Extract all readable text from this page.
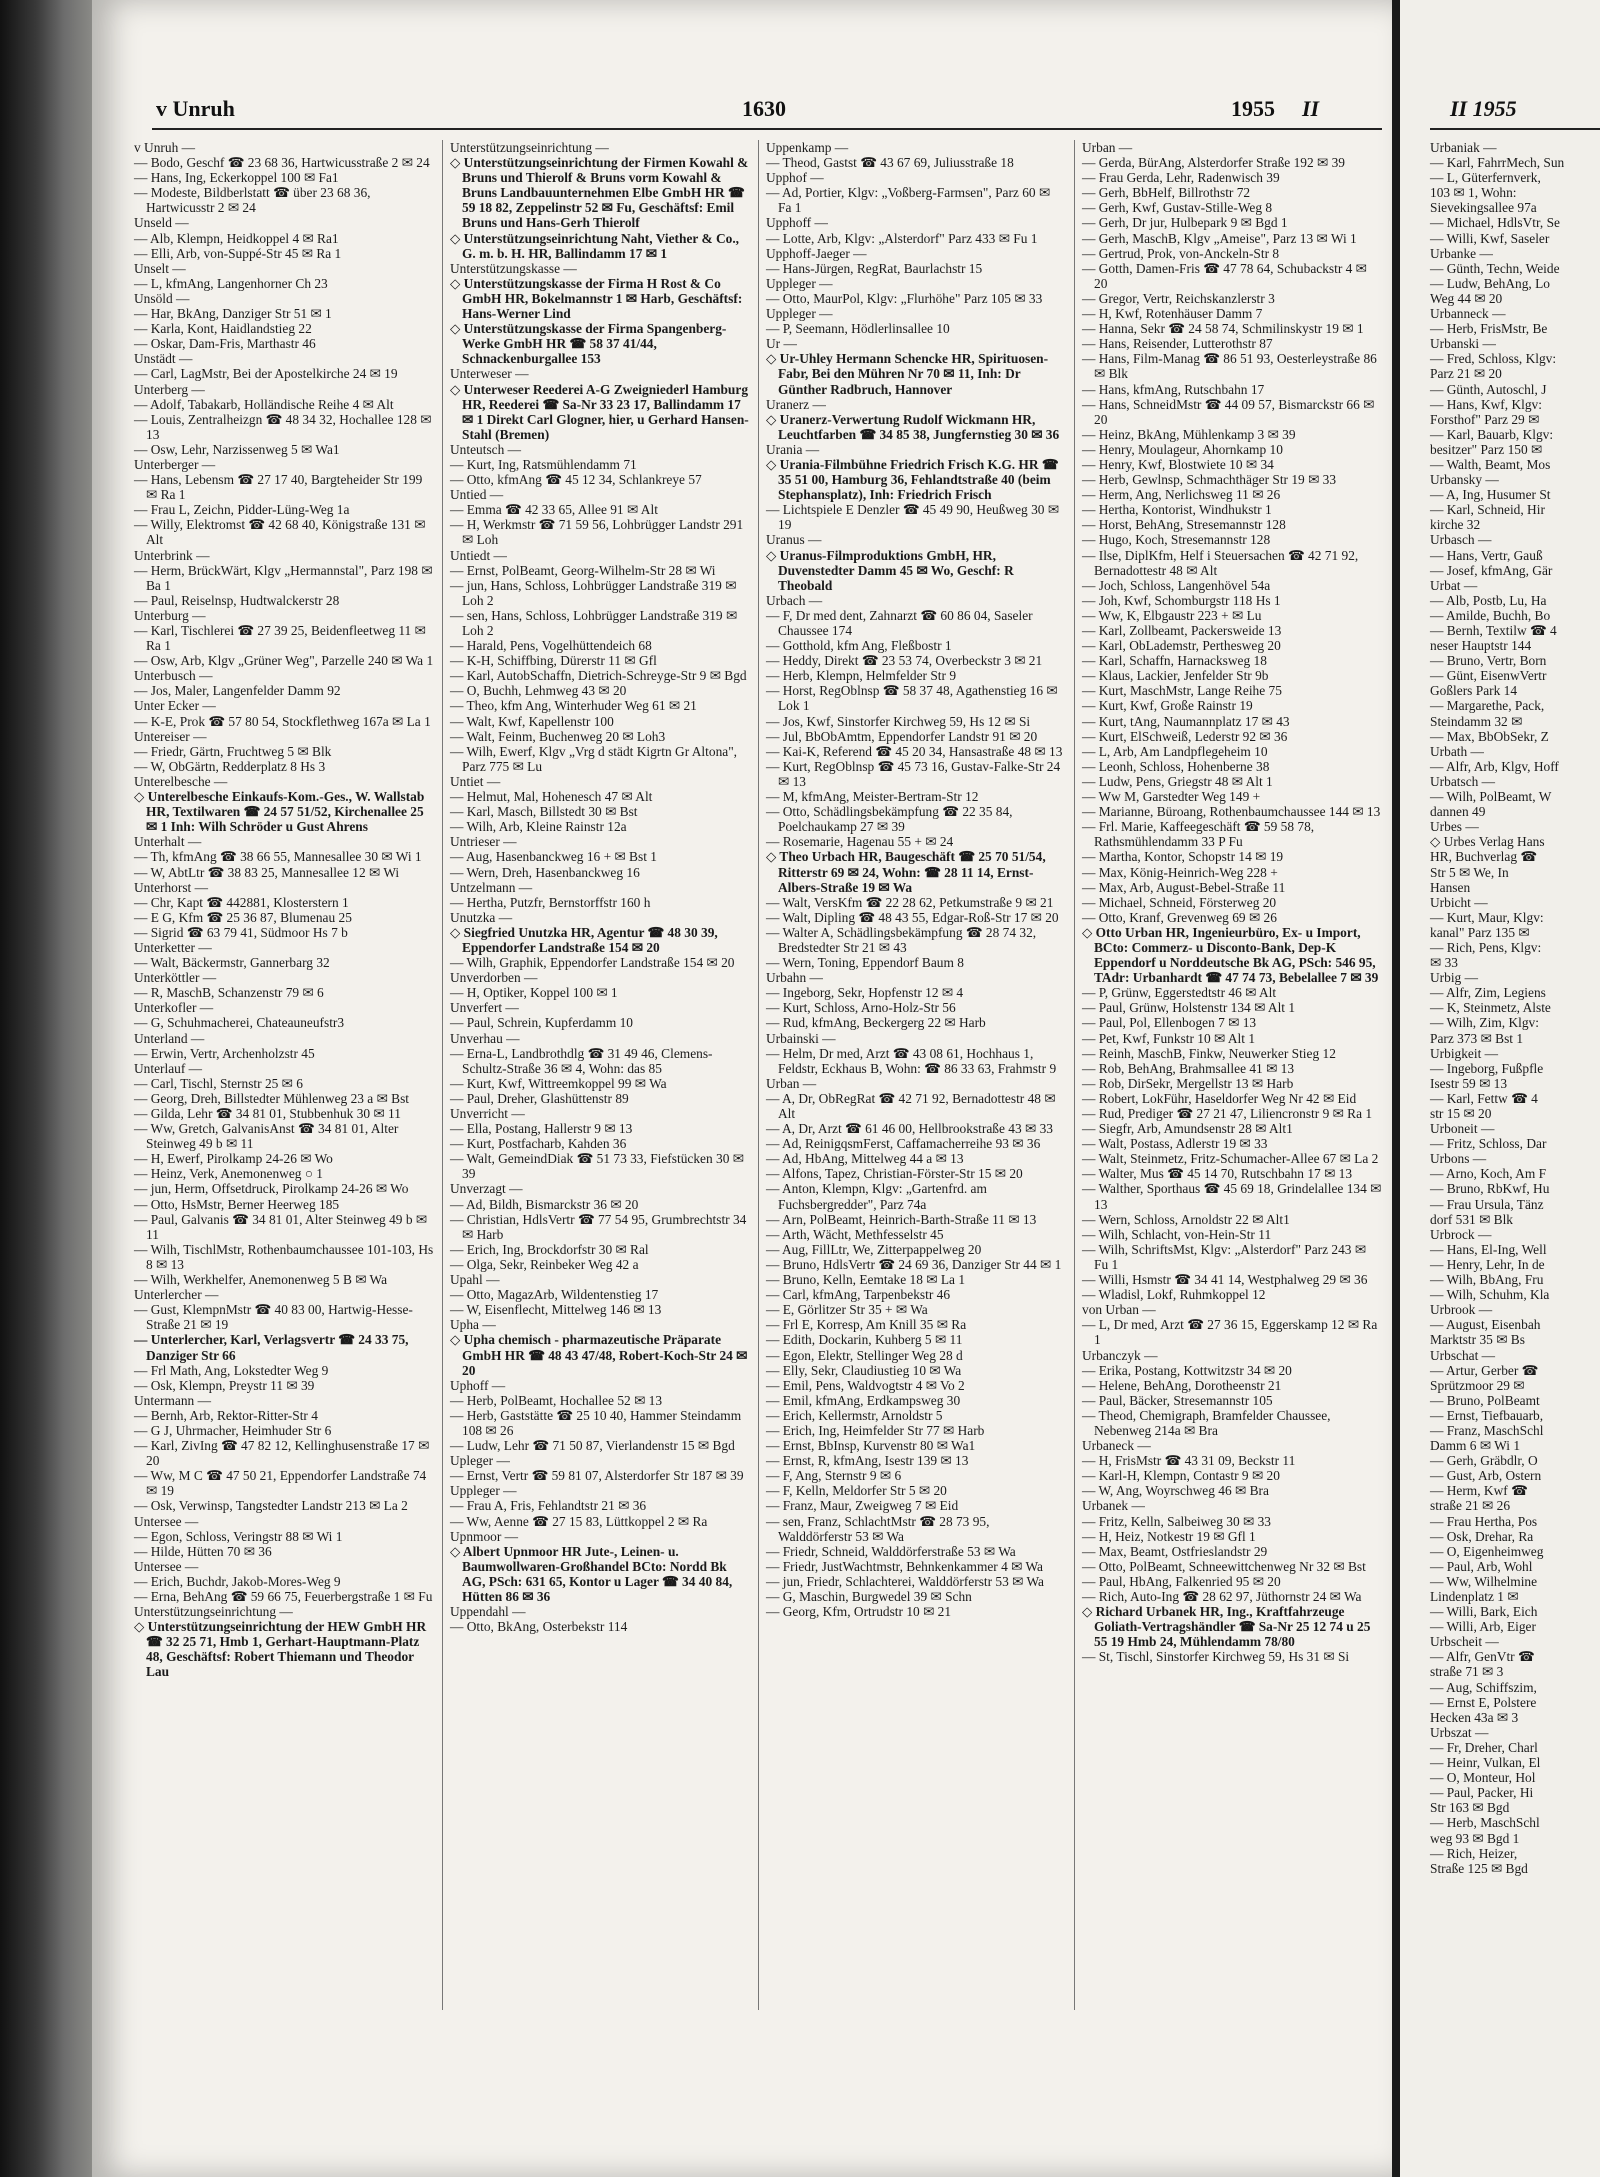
v Unruh	1630	1955 II

v Unruh —

— Bodo, Geschf ☎ 23 68 36, Hartwicusstraße 2 ✉ 24

— Hans, Ing, Eckerkoppel 100 ✉ Fa1

— Modeste, Bildberlstatt ☎ über 23 68 36, Hartwicusstr 2 ✉ 24

Unseld —

— Alb, Klempn, Heidkoppel 4 ✉ Ra1

— Elli, Arb, von-Suppé-Str 45 ✉ Ra 1

Unselt —

— L, kfmAng, Langenhorner Ch 23

Unsöld —

— Har, BkAng, Danziger Str 51 ✉ 1

— Karla, Kont, Haidlandstieg 22

— Oskar, Dam-Fris, Marthastr 46

Unstädt —

— Carl, LagMstr, Bei der Apostelkirche 24 ✉ 19

Unterberg —

— Adolf, Tabakarb, Holländische Reihe 4 ✉ Alt

— Louis, Zentralheizgn ☎ 48 34 32, Hochallee 128 ✉ 13

— Osw, Lehr, Narzissenweg 5 ✉ Wa1

Unterberger —

— Hans, Lebensm ☎ 27 17 40, Bargteheider Str 199 ✉ Ra 1

— Frau L, Zeichn, Pidder-Lüng-Weg 1a

— Willy, Elektromst ☎ 42 68 40, Königstraße 131 ✉ Alt

Unterbrink —

— Herm, BrückWärt, Klgv „Hermannstal", Parz 198 ✉ Ba 1

— Paul, Reiselnsp, Hudtwalckerstr 28

Unterburg —

— Karl, Tischlerei ☎ 27 39 25, Beidenfleetweg 11 ✉ Ra 1

— Osw, Arb, Klgv „Grüner Weg", Parzelle 240 ✉ Wa 1

Unterbusch —

— Jos, Maler, Langenfelder Damm 92

Unter Ecker —

— K-E, Prok ☎ 57 80 54, Stockflethweg 167a ✉ La 1

Untereiser —

— Friedr, Gärtn, Fruchtweg 5 ✉ Blk

— W, ObGärtn, Redderplatz 8 Hs 3

Unterelbesche —

◇ Unterelbesche Einkaufs-Kom.-Ges., W. Wallstab HR, Textilwaren ☎ 24 57 51/52, Kirchenallee 25 ✉ 1 Inh: Wilh Schröder u Gust Ahrens

Unterhalt —

— Th, kfmAng ☎ 38 66 55, Mannesallee 30 ✉ Wi 1

— W, AbtLtr ☎ 38 83 25, Mannesallee 12 ✉ Wi

Unterhorst —

— Chr, Kapt ☎ 442881, Klosterstern 1

— E G, Kfm ☎ 25 36 87, Blumenau 25

— Sigrid ☎ 63 79 41, Südmoor Hs 7 b

Unterketter —

— Walt, Bäckermstr, Gannerbarg 32

Unterköttler —

— R, MaschB, Schanzenstr 79 ✉ 6

Unterkofler —

— G, Schuhmacherei, Chateauneufstr3

Unterland —

— Erwin, Vertr, Archenholzstr 45

Unterlauf —

— Carl, Tischl, Sternstr 25 ✉ 6

— Georg, Dreh, Billstedter Mühlenweg 23 a ✉ Bst

— Gilda, Lehr ☎ 34 81 01, Stubbenhuk 30 ✉ 11

— Ww, Gretch, GalvanisAnst ☎ 34 81 01, Alter Steinweg 49 b ✉ 11

— H, Ewerf, Pirolkamp 24-26 ✉ Wo

— Heinz, Verk, Anemonenweg ○ 1

— jun, Herm, Offsetdruck, Pirolkamp 24-26 ✉ Wo

— Otto, HsMstr, Berner Heerweg 185

— Paul, Galvanis ☎ 34 81 01, Alter Steinweg 49 b ✉ 11

— Wilh, TischlMstr, Rothenbaumchaussee 101-103, Hs 8 ✉ 13

— Wilh, Werkhelfer, Anemonenweg 5 B ✉ Wa

Unterlercher —

— Gust, KlempnMstr ☎ 40 83 00, Hartwig-Hesse-Straße 21 ✉ 19

— Unterlercher, Karl, Verlagsvertr ☎ 24 33 75, Danziger Str 66

— Frl Math, Ang, Lokstedter Weg 9

— Osk, Klempn, Preystr 11 ✉ 39

Untermann —

— Bernh, Arb, Rektor-Ritter-Str 4

— G J, Uhrmacher, Heimhuder Str 6

— Karl, ZivIng ☎ 47 82 12, Kellinghusenstraße 17 ✉ 20

— Ww, M C ☎ 47 50 21, Eppendorfer Landstraße 74 ✉ 19

— Osk, Verwinsp, Tangstedter Landstr 213 ✉ La 2

Untersee —

— Egon, Schloss, Veringstr 88 ✉ Wi 1

— Hilde, Hütten 70 ✉ 36

Untersee —

— Erich, Buchdr, Jakob-Mores-Weg 9

— Erna, BehAng ☎ 59 66 75, Feuerbergstraße 1 ✉ Fu

Unterstützungseinrichtung —

◇ Unterstützungseinrichtung der HEW GmbH HR ☎ 32 25 71, Hmb 1, Gerhart-Hauptmann-Platz 48, Geschäftsf: Robert Thiemann und Theodor Lau

Unterstützungseinrichtung —

◇ Unterstützungseinrichtung der Firmen Kowahl & Bruns und Thierolf & Bruns vorm Kowahl & Bruns Landbauunternehmen Elbe GmbH HR ☎ 59 18 82, Zeppelinstr 52 ✉ Fu, Geschäftsf: Emil Bruns und Hans-Gerh Thierolf

◇ Unterstützungseinrichtung Naht, Viether & Co., G. m. b. H. HR, Ballindamm 17 ✉ 1

Unterstützungskasse —

◇ Unterstützungskasse der Firma H Rost & Co GmbH HR, Bokelmannstr 1 ✉ Harb, Geschäftsf: Hans-Werner Lind

◇ Unterstützungskasse der Firma Spangenberg-Werke GmbH HR ☎ 58 37 41/44, Schnackenburgallee 153

Unterweser —

◇ Unterweser Reederei A-G Zweigniederl Hamburg HR, Reederei ☎ Sa-Nr 33 23 17, Ballindamm 17 ✉ 1 Direkt Carl Glogner, hier, u Gerhard Hansen-Stahl (Bremen)

Unteutsch —

— Kurt, Ing, Ratsmühlendamm 71

— Otto, kfmAng ☎ 45 12 34, Schlankreye 57

Untied —

— Emma ☎ 42 33 65, Allee 91 ✉ Alt

— H, Werkmstr ☎ 71 59 56, Lohbrügger Landstr 291 ✉ Loh

Untiedt —

— Ernst, PolBeamt, Georg-Wilhelm-Str 28 ✉ Wi

— jun, Hans, Schloss, Lohbrügger Landstraße 319 ✉ Loh 2

— sen, Hans, Schloss, Lohbrügger Landstraße 319 ✉ Loh 2

— Harald, Pens, Vogelhüttendeich 68

— K-H, Schiffbing, Dürerstr 11 ✉ Gfl

— Karl, AutobSchaffn, Dietrich-Schreyge-Str 9 ✉ Bgd

— O, Buchh, Lehmweg 43 ✉ 20

— Theo, kfm Ang, Winterhuder Weg 61 ✉ 21

— Walt, Kwf, Kapellenstr 100

— Walt, Feinm, Buchenweg 20 ✉ Loh3

— Wilh, Ewerf, Klgv „Vrg d städt Kigrtn Gr Altona", Parz 775 ✉ Lu

Untiet —

— Helmut, Mal, Hohenesch 47 ✉ Alt

— Karl, Masch, Billstedt 30 ✉ Bst

— Wilh, Arb, Kleine Rainstr 12a

Untrieser —

— Aug, Hasenbanckweg 16 + ✉ Bst 1

— Wern, Dreh, Hasenbanckweg 16

Untzelmann —

— Hertha, Putzfr, Bernstorffstr 160 h

Unutzka —

◇ Siegfried Unutzka HR, Agentur ☎ 48 30 39, Eppendorfer Landstraße 154 ✉ 20

— Wilh, Graphik, Eppendorfer Landstraße 154 ✉ 20

Unverdorben —

— H, Optiker, Koppel 100 ✉ 1

Unverfert —

— Paul, Schrein, Kupferdamm 10

Unverhau —

— Erna-L, Landbrothdlg ☎ 31 49 46, Clemens-Schultz-Straße 36 ✉ 4, Wohn: das 85

— Kurt, Kwf, Wittreemkoppel 99 ✉ Wa

— Paul, Dreher, Glashüttenstr 89

Unverricht —

— Ella, Postang, Hallerstr 9 ✉ 13

— Kurt, Postfacharb, Kahden 36

— Walt, GemeindDiak ☎ 51 73 33, Fiefstücken 30 ✉ 39

Unverzagt —

— Ad, Bildh, Bismarckstr 36 ✉ 20

— Christian, HdlsVertr ☎ 77 54 95, Grumbrechtstr 34 ✉ Harb

— Erich, Ing, Brockdorfstr 30 ✉ Ral

— Olga, Sekr, Reinbeker Weg 42 a

Upahl —

— Otto, MagazArb, Wildentenstieg 17

— W, Eisenflecht, Mittelweg 146 ✉ 13

Upha —

◇ Upha chemisch - pharmazeutische Präparate GmbH HR ☎ 48 43 47/48, Robert-Koch-Str 24 ✉ 20

Uphoff —

— Herb, PolBeamt, Hochallee 52 ✉ 13

— Herb, Gaststätte ☎ 25 10 40, Hammer Steindamm 108 ✉ 26

— Ludw, Lehr ☎ 71 50 87, Vierlandenstr 15 ✉ Bgd

Upleger —

— Ernst, Vertr ☎ 59 81 07, Alsterdorfer Str 187 ✉ 39

Uppleger —

— Frau A, Fris, Fehlandtstr 21 ✉ 36

— Ww, Aenne ☎ 27 15 83, Lüttkoppel 2 ✉ Ra

Upnmoor —

◇ Albert Upnmoor HR Jute-, Leinen- u. Baumwollwaren-Großhandel BCto: Nordd Bk AG, PSch: 631 65, Kontor u Lager ☎ 34 40 84, Hütten 86 ✉ 36

Uppendahl —

— Otto, BkAng, Osterbekstr 114

Uppenkamp —

— Theod, Gastst ☎ 43 67 69, Juliusstraße 18

Upphof —

— Ad, Portier, Klgv: „Voßberg-Farmsen", Parz 60 ✉ Fa 1

Upphoff —

— Lotte, Arb, Klgv: „Alsterdorf" Parz 433 ✉ Fu 1

Upphoff-Jaeger —

— Hans-Jürgen, RegRat, Baurlachstr 15

Uppleger —

— Otto, MaurPol, Klgv: „Flurhöhe" Parz 105 ✉ 33

Uppleger —

— P, Seemann, Hödlerlinsallee 10

Ur —

◇ Ur-Uhley Hermann Schencke HR, Spirituosen-Fabr, Bei den Mühren Nr 70 ✉ 11, Inh: Dr Günther Radbruch, Hannover

Uranerz —

◇ Uranerz-Verwertung Rudolf Wickmann HR, Leuchtfarben ☎ 34 85 38, Jungfernstieg 30 ✉ 36

Urania —

◇ Urania-Filmbühne Friedrich Frisch K.G. HR ☎ 35 51 00, Hamburg 36, Fehlandtstraße 40 (beim Stephansplatz), Inh: Friedrich Frisch

— Lichtspiele E Denzler ☎ 45 49 90, Heußweg 30 ✉ 19

Uranus —

◇ Uranus-Filmproduktions GmbH, HR, Duvenstedter Damm 45 ✉ Wo, Geschf: R Theobald

Urbach —

— F, Dr med dent, Zahnarzt ☎ 60 86 04, Saseler Chaussee 174

— Gotthold, kfm Ang, Fleßbostr 1

— Heddy, Direkt ☎ 23 53 74, Overbeckstr 3 ✉ 21

— Herb, Klempn, Helmfelder Str 9

— Horst, RegOblnsp ☎ 58 37 48, Agathenstieg 16 ✉ Lok 1

— Jos, Kwf, Sinstorfer Kirchweg 59, Hs 12 ✉ Si

— Jul, BbObAmtm, Eppendorfer Landstr 91 ✉ 20

— Kai-K, Referend ☎ 45 20 34, Hansastraße 48 ✉ 13

— Kurt, RegOblnsp ☎ 45 73 16, Gustav-Falke-Str 24 ✉ 13

— M, kfmAng, Meister-Bertram-Str 12

— Otto, Schädlingsbekämpfung ☎ 22 35 84, Poelchaukamp 27 ✉ 39

— Rosemarie, Hagenau 55 + ✉ 24

◇ Theo Urbach HR, Baugeschäft ☎ 25 70 51/54, Ritterstr 69 ✉ 24, Wohn: ☎ 28 11 14, Ernst-Albers-Straße 19 ✉ Wa

— Walt, VersKfm ☎ 22 28 62, Petkumstraße 9 ✉ 21

— Walt, Dipling ☎ 48 43 55, Edgar-Roß-Str 17 ✉ 20

— Walter A, Schädlingsbekämpfung ☎ 28 74 32, Bredstedter Str 21 ✉ 43

— Wern, Toning, Eppendorf Baum 8

Urbahn —

— Ingeborg, Sekr, Hopfenstr 12 ✉ 4

— Kurt, Schloss, Arno-Holz-Str 56

— Rud, kfmAng, Beckergerg 22 ✉ Harb

Urbainski —

— Helm, Dr med, Arzt ☎ 43 08 61, Hochhaus 1, Feldstr, Eckhaus B, Wohn: ☎ 86 33 63, Frahmstr 9

Urban —

— A, Dr, ObRegRat ☎ 42 71 92, Bernadottestr 48 ✉ Alt

— A, Dr, Arzt ☎ 61 46 00, Hellbrookstraße 43 ✉ 33

— Ad, ReinigqsmFerst, Caffamacherreihe 93 ✉ 36

— Ad, HbAng, Mittelweg 44 a ✉ 13

— Alfons, Tapez, Christian-Förster-Str 15 ✉ 20

— Anton, Klempn, Klgv: „Gartenfrd. am Fuchsbergredder", Parz 74a

— Arn, PolBeamt, Heinrich-Barth-Straße 11 ✉ 13

— Arth, Wächt, Methfesselstr 45

— Aug, FillLtr, We, Zitterpappelweg 20

— Bruno, HdlsVertr ☎ 24 69 36, Danziger Str 44 ✉ 1

— Bruno, Kelln, Eemtake 18 ✉ La 1

— Carl, kfmAng, Tarpenbekstr 46

— E, Görlitzer Str 35 + ✉ Wa

— Frl E, Korresp, Am Knill 35 ✉ Ra

— Edith, Dockarin, Kuhberg 5 ✉ 11

— Egon, Elektr, Stellinger Weg 28 d

— Elly, Sekr, Claudiustieg 10 ✉ Wa

— Emil, Pens, Waldvogtstr 4 ✉ Vo 2

— Emil, kfmAng, Erdkampsweg 30

— Erich, Kellermstr, Arnoldstr 5

— Erich, Ing, Heimfelder Str 77 ✉ Harb

— Ernst, BbInsp, Kurvenstr 80 ✉ Wa1

— Ernst, R, kfmAng, Isestr 139 ✉ 13

— F, Ang, Sternstr 9 ✉ 6

— F, Kelln, Meldorfer Str 5 ✉ 20

— Franz, Maur, Zweigweg 7 ✉ Eid

— sen, Franz, SchlachtMstr ☎ 28 73 95, Walddörferstr 53 ✉ Wa

— Friedr, Schneid, Walddörferstraße 53 ✉ Wa

— Friedr, JustWachtmstr, Behnkenkammer 4 ✉ Wa

— jun, Friedr, Schlachterei, Walddörferstr 53 ✉ Wa

— G, Maschin, Burgwedel 39 ✉ Schn

— Georg, Kfm, Ortrudstr 10 ✉ 21

Urban —

— Gerda, BürAng, Alsterdorfer Straße 192 ✉ 39

— Frau Gerda, Lehr, Radenwisch 39

— Gerh, BbHelf, Billrothstr 72

— Gerh, Kwf, Gustav-Stille-Weg 8

— Gerh, Dr jur, Hulbepark 9 ✉ Bgd 1

— Gerh, MaschB, Klgv „Ameise", Parz 13 ✉ Wi 1

— Gertrud, Prok, von-Anckeln-Str 8

— Gotth, Damen-Fris ☎ 47 78 64, Schubackstr 4 ✉ 20

— Gregor, Vertr, Reichskanzlerstr 3

— H, Kwf, Rotenhäuser Damm 7

— Hanna, Sekr ☎ 24 58 74, Schmilinskystr 19 ✉ 1

— Hans, Reisender, Lutterothstr 87

— Hans, Film-Manag ☎ 86 51 93, Oesterleystraße 86 ✉ Blk

— Hans, kfmAng, Rutschbahn 17

— Hans, SchneidMstr ☎ 44 09 57, Bismarckstr 66 ✉ 20

— Heinz, BkAng, Mühlenkamp 3 ✉ 39

— Henry, Moulageur, Ahornkamp 10

— Henry, Kwf, Blostwiete 10 ✉ 34

— Herb, Gewlnsp, Schmachthäger Str 19 ✉ 33

— Herm, Ang, Nerlichsweg 11 ✉ 26

— Hertha, Kontorist, Windhukstr 1

— Horst, BehAng, Stresemannstr 128

— Hugo, Koch, Stresemannstr 128

— Ilse, DiplKfm, Helf i Steuersachen ☎ 42 71 92, Bernadottestr 48 ✉ Alt

— Joch, Schloss, Langenhövel 54a

— Joh, Kwf, Schomburgstr 118 Hs 1

— Ww, K, Elbgaustr 223 + ✉ Lu

— Karl, Zollbeamt, Packersweide 13

— Karl, ObLademstr, Perthesweg 20

— Karl, Schaffn, Harnacksweg 18

— Klaus, Lackier, Jenfelder Str 9b

— Kurt, MaschMstr, Lange Reihe 75

— Kurt, Kwf, Große Rainstr 19

— Kurt, tAng, Naumannplatz 17 ✉ 43

— Kurt, ElSchweiß, Lederstr 92 ✉ 36

— L, Arb, Am Landpflegeheim 10

— Leonh, Schloss, Hohenberne 38

— Ludw, Pens, Griegstr 48 ✉ Alt 1

— Ww M, Garstedter Weg 149 +

— Marianne, Büroang, Rothenbaumchaussee 144 ✉ 13

— Frl. Marie, Kaffeegeschäft ☎ 59 58 78, Rathsmühlendamm 33 P Fu

— Martha, Kontor, Schopstr 14 ✉ 19

— Max, König-Heinrich-Weg 228 +

— Max, Arb, August-Bebel-Straße 11

— Michael, Schneid, Försterweg 20

— Otto, Kranf, Grevenweg 69 ✉ 26

◇ Otto Urban HR, Ingenieurbüro, Ex- u Import, BCto: Commerz- u Disconto-Bank, Dep-K Eppendorf u Norddeutsche Bk AG, PSch: 546 95, TAdr: Urbanhardt ☎ 47 74 73, Bebelallee 7 ✉ 39

— P, Grünw, Eggerstedtstr 46 ✉ Alt

— Paul, Grünw, Holstenstr 134 ✉ Alt 1

— Paul, Pol, Ellenbogen 7 ✉ 13

— Pet, Kwf, Funkstr 10 ✉ Alt 1

— Reinh, MaschB, Finkw, Neuwerker Stieg 12

— Rob, BehAng, Brahmsallee 41 ✉ 13

— Rob, DirSekr, Mergellstr 13 ✉ Harb

— Robert, LokFühr, Haseldorfer Weg Nr 42 ✉ Eid

— Rud, Prediger ☎ 27 21 47, Liliencronstr 9 ✉ Ra 1

— Siegfr, Arb, Amundsenstr 28 ✉ Alt1

— Walt, Postass, Adlerstr 19 ✉ 33

— Walt, Steinmetz, Fritz-Schumacher-Allee 67 ✉ La 2

— Walter, Mus ☎ 45 14 70, Rutschbahn 17 ✉ 13

— Walther, Sporthaus ☎ 45 69 18, Grindelallee 134 ✉ 13

— Wern, Schloss, Arnoldstr 22 ✉ Alt1

— Wilh, Schlacht, von-Hein-Str 11

— Wilh, SchriftsMst, Klgv: „Alsterdorf" Parz 243 ✉ Fu 1

— Willi, Hsmstr ☎ 34 41 14, Westphalweg 29 ✉ 36

— Wladisl, Lokf, Ruhmkoppel 12

von Urban —

— L, Dr med, Arzt ☎ 27 36 15, Eggerskamp 12 ✉ Ra 1

Urbanczyk —

— Erika, Postang, Kottwitzstr 34 ✉ 20

— Helene, BehAng, Dorotheenstr 21

— Paul, Bäcker, Stresemannstr 105

— Theod, Chemigraph, Bramfelder Chaussee, Nebenweg 214a ✉ Bra

Urbaneck —

— H, FrisMstr ☎ 43 31 09, Beckstr 11

— Karl-H, Klempn, Contastr 9 ✉ 20

— W, Ang, Woyrschweg 46 ✉ Bra

Urbanek —

— Fritz, Kelln, Salbeiweg 30 ✉ 33

— H, Heiz, Notkestr 19 ✉ Gfl 1

— Max, Beamt, Ostfrieslandstr 29

— Otto, PolBeamt, Schneewittchenweg Nr 32 ✉ Bst

— Paul, HbAng, Falkenried 95 ✉ 20

— Rich, Auto-Ing ☎ 28 62 97, Jüthornstr 24 ✉ Wa

◇ Richard Urbanek HR, Ing., Kraftfahrzeuge Goliath-Vertragshändler ☎ Sa-Nr 25 12 74 u 25 55 19 Hmb 24, Mühlendamm 78/80

— St, Tischl, Sinstorfer Kirchweg 59, Hs 31 ✉ Si

II 1955
Urbaniak —
— Karl, FahrrMech, Sun
— L, Güterfernverk,
103 ✉ 1, Wohn:
Sievekingsallee 97a
— Michael, HdlsVtr, Se
— Willi, Kwf, Saseler
Urbanke —
— Günth, Techn, Weide
— Ludw, BehAng, Lo
Weg 44 ✉ 20
Urbanneck —
— Herb, FrisMstr, Be
Urbanski —
— Fred, Schloss, Klgv:
Parz 21 ✉ 20
— Günth, Autoschl, J
— Hans, Kwf, Klgv:
Forsthof" Parz 29 ✉
— Karl, Bauarb, Klgv:
besitzer" Parz 150 ✉
— Walth, Beamt, Mos
Urbansky —
— A, Ing, Husumer St
— Karl, Schneid, Hir
kirche 32
Urbasch —
— Hans, Vertr, Gauß
— Josef, kfmAng, Gär
Urbat —
— Alb, Postb, Lu, Ha
— Amilde, Buchh, Bo
— Bernh, Textilw ☎ 4
neser Hauptstr 144
— Bruno, Vertr, Born
— Günt, EisenwVertr
Goßlers Park 14
— Margarethe, Pack,
Steindamm 32 ✉
— Max, BbObSekr, Z
Urbath —
— Alfr, Arb, Klgv, Hoff
Urbatsch —
— Wilh, PolBeamt, W
dannen 49
Urbes —
◇ Urbes Verlag Hans
HR, Buchverlag ☎
Str 5 ✉ We, In
Hansen
Urbicht —
— Kurt, Maur, Klgv:
kanal" Parz 135 ✉
— Rich, Pens, Klgv:
✉ 33
Urbig —
— Alfr, Zim, Legiens
— K, Steinmetz, Alste
— Wilh, Zim, Klgv:
Parz 373 ✉ Bst 1
Urbigkeit —
— Ingeborg, Fußpfle
Isestr 59 ✉ 13
— Karl, Fettw ☎ 4
str 15 ✉ 20
Urboneit —
— Fritz, Schloss, Dar
Urbons —
— Arno, Koch, Am F
— Bruno, RbKwf, Hu
— Frau Ursula, Tänz
dorf 531 ✉ Blk
Urbrock —
— Hans, El-Ing, Well
— Henry, Lehr, In de
— Wilh, BbAng, Fru
— Wilh, Schuhm, Kla
Urbrook —
— August, Eisenbah
Marktstr 35 ✉ Bs
Urbschat —
— Artur, Gerber ☎
Sprützmoor 29 ✉
— Bruno, PolBeamt
— Ernst, Tiefbauarb,
— Franz, MaschSchl
Damm 6 ✉ Wi 1
— Gerh, Gräbdlr, O
— Gust, Arb, Ostern
— Herm, Kwf ☎
straße 21 ✉ 26
— Frau Hertha, Pos
— Osk, Drehar, Ra
— O, Eigenheimweg
— Paul, Arb, Wohl
— Ww, Wilhelmine
Lindenplatz 1 ✉
— Willi, Bark, Eich
— Willi, Arb, Eiger
Urbscheit —
— Alfr, GenVtr ☎
straße 71 ✉ 3
— Aug, Schiffszim,
— Ernst E, Polstere
Hecken 43a ✉ 3
Urbszat —
— Fr, Dreher, Charl
— Heinr, Vulkan, El
— O, Monteur, Hol
— Paul, Packer, Hi
Str 163 ✉ Bgd
— Herb, MaschSchl
weg 93 ✉ Bgd 1
— Rich, Heizer,
Straße 125 ✉ Bgd
